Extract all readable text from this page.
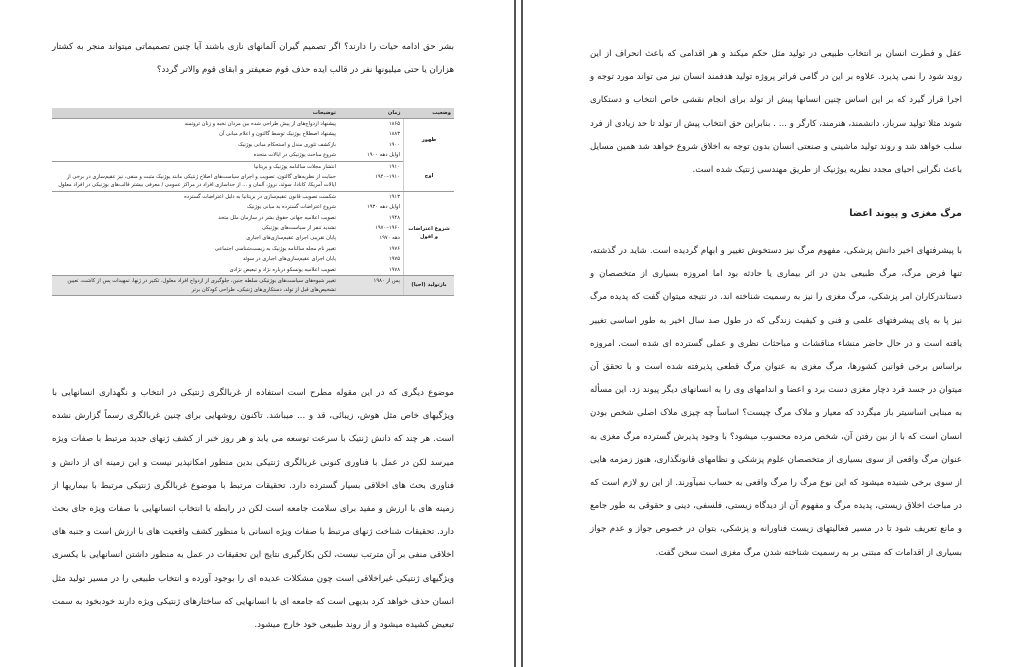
بشر حق ادامه حیات را دارند؟ اگر تصمیم گیران آلمانهای نازی باشند آیا چنین تصمیماتی میتواند منجر به کشتار هزاران یا حتی میلیونها نفر در قالب ایده حذف قوم ضعیفتر و ابقای قوم والاتر گردد؟

وضعیت	زمان	توضیحات
ظهور	۱۸۶۵	پیشنهاد ازدواج‌های از پیش طراحی شده بین مردان نخبه و زنان ثروتمند
	۱۸۸۳	پیشنهاد اصطلاح یوژنیک توسط گالتون و اعلام مبانی آن
	۱۹۰۰	بازکشف تئوری مندل و استحکام مبانی یوژنیک
	اوایل دهه ۱۹۰۰	شروع مباحث یوژنیکی در ایالات متحده
اوج	۱۹۱۰	انتشار مجلات سالنامه یوژنیک و بریتانیا
	۱۹۱۰–۱۹۴۰	حمایت از نظریه‌های گالتون، تصویب و اجرای سیاست‌های اصلاح ژنتیکی مانند یوژنیک مثبت و منفی، نیز عقیم‌سازی در برخی از ایالات آمریکا، کانادا، سوئد، نروژ، آلمان و ... از جداسازی افراد در مراکز عمومی / معرفی بیشتر قالب‌های یوژنیکی در افراد معلول
شروع اعتراضات و افول	۱۹۱۳	شکست تصویب قانون عقیم‌سازی در بریتانیا به دلیل اعتراضات گسترده
	اوایل دهه ۱۹۳۰	شروع اعتراضات گسترده به مبانی یوژنیک
	۱۹۴۸	تصویب اعلامیه جهانی حقوق بشر در سازمان ملل متحد
	۱۹۶۰–۱۹۷۰	تشدید تنفر از سیاست‌های یوژنیکی
	دهه ۱۹۷۰	پایان تقریبی اجرای عقیم‌سازی‌های اجباری
	۱۹۷۶	تغییر نام مجله سالنامه یوژنیک به زیست‌شناسی اجتماعی
	۱۹۷۵	پایان اجرای عقیم‌سازی‌های اجباری در سوئد
	۱۹۷۸	تصویب اعلامیه یونسکو درباره نژاد و تبعیض نژادی
بازتولید (احیا)	پس از ۱۹۸۰	تغییر شیوه‌های سیاست‌های یوژنیکی سلطه جنین، جلوگیری از ازدواج افراد معلول، تکثیر در ژنها، تمهیدات پس از کاشت، تعیین تشخیص‌های قبل از تولد، دستکاری‌های ژنتیکی، طراحی کودکان برتر

موضوع دیگری که در این مقوله مطرح است استفاده از غربالگری ژنتیکی در انتخاب و نگهداری انسانهایی با ویژگیهای خاص مثل هوش، زیبائی، قد و ... میباشد. تاکنون روشهایی برای چنین غربالگری رسماً گزارش نشده است. هر چند که دانش ژنتیک با سرعت توسعه می یابد و هر روز خبر از کشف ژنهای جدید مرتبط با صفات ویژه میرسد لکن در عمل با فناوری کنونی غربالگری ژنتیکی بدین منظور امکانپذیر نیست و این زمینه ای از دانش و فناوری بحث های اخلاقی بسیار گسترده دارد. تحقیقات مرتبط با موضوع غربالگری ژنتیکی مرتبط با بیماریها از زمینه های با ارزش و مفید برای سلامت جامعه است لکن در رابطه با انتخاب انسانهایی با صفات ویژه جای بحث دارد. تحقیقات شناخت ژنهای مرتبط با صفات ویژه انسانی با منظور کشف واقعیت های با ارزش است و جنبه های اخلاقی منفی بر آن مترتب نیست، لکن بکارگیری نتایج این تحقیقات در عمل به منظور داشتن انسانهایی با یکسری ویژگیهای ژنتیکی غیراخلاقی است چون مشکلات عدیده ای را بوجود آورده و انتخاب طبیعی را در مسیر تولید مثل انسان حذف خواهد کرد بدیهی است که جامعه ای با انسانهایی که ساختارهای ژنتیکی ویژه دارند خودبخود به سمت تبعیض کشیده میشود و از روند طبیعی خود خارج میشود.

عقل و فطرت انسان بر انتخاب طبیعی در تولید مثل حکم میکند و هر اقدامی که باعث انحراف از این روند شود را نمی پذیرد. علاوه بر این در گامی فراتر پروژه تولید هدفمند انسان نیز می تواند مورد توجه و اجرا قرار گیرد که بر این اساس چنین انسانها پیش از تولد برای انجام نقشی خاص انتخاب و دستکاری شوند مثلا تولید سرباز، دانشمند، هنرمند، کارگر و ... . بنابراین حق انتخاب پیش از تولد تا حد زیادی از فرد سلب خواهد شد و روند تولید ماشینی و صنعتی انسان بدون توجه به اخلاق شروع خواهد شد همین مسایل باعث نگرانی احیای مجدد نظریه یوژنیک از طریق مهندسی ژنتیک شده است.

مرگ مغزی و پیوند اعضا

با پیشرفتهای اخیر دانش پزشکی، مفهوم مرگ نیز دستخوش تغییر و ابهام گردیده است. شاید در گذشته، تنها فرض مرگ، مرگ طبیعی بدن در اثر بیماری یا حادثه بود اما امروزه بسیاری از متخصصان و دستاندرکاران امر پزشکی، مرگ مغزی را نیز به رسمیت شناخته اند. در نتیجه میتوان گفت که پدیده مرگ نیز پا به پای پیشرفتهای علمی و فنی و کیفیت زندگی که در طول صد سال اخیر به طور اساسی تغییر یافته است و در حال حاضر منشاء مناقشات و مباحثات نظری و عملی گسترده ای شده است. امروزه براساس برخی قوانین کشورها، مرگ مغزی به عنوان مرگ قطعی پذیرفته شده است و با تحقق آن میتوان در جسد فرد دچار مغزی دست برد و اعضا و اندامهای وی را به انسانهای دیگر پیوند زد. این مسأله به مبنایی اساسیتر باز میگردد که معیار و ملاک مرگ چیست؟ اساساً چه چیزی ملاک اصلی شخص بودن انسان است که با از بین رفتن آن، شخص مرده محسوب میشود؟ با وجود پذیرش گسترده مرگ مغزی به عنوان مرگ واقعی از سوی بسیاری از متخصصان علوم پزشکی و نظامهای قانونگذاری، هنوز زمزمه هایی از سوی برخی شنیده میشود که این نوع مرگ را مرگ واقعی به حساب نمیآورند. از این رو لازم است که در مباحث اخلاق زیستی، پدیده مرگ و مفهوم آن از دیدگاه زیستی، فلسفی، دینی و حقوقی به طور جامع و مانع تعریف شود تا در مسیر فعالیتهای زیست فناورانه و پزشکی، بتوان در خصوص جواز و عدم جواز بسیاری از اقدامات که مبتنی بر به رسمیت شناخته شدن مرگ مغزی است سخن گفت.
